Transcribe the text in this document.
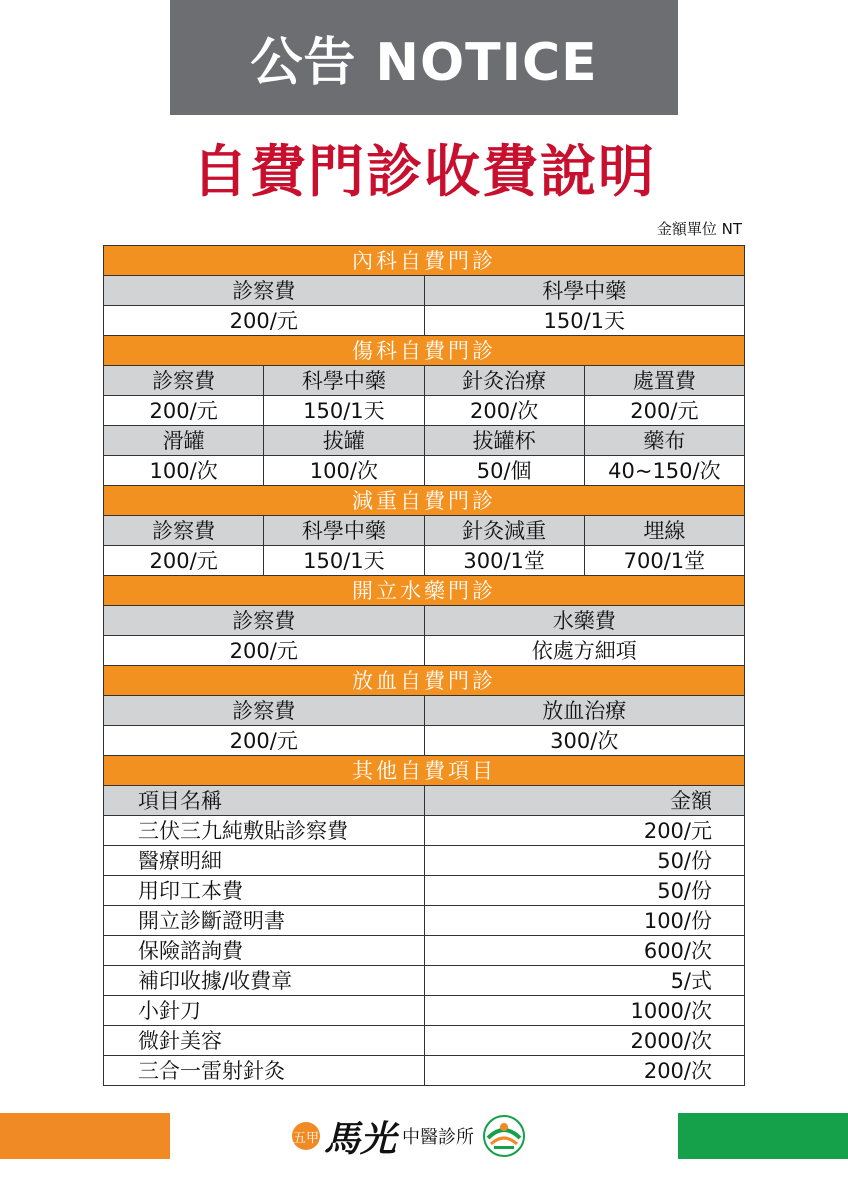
公告 NOTICE
自費門診收費說明
金額單位 NT
內科自費門診			
診察費		科學中藥	
200/元		150/1天	
傷科自費門診			
診察費	科學中藥	針灸治療	處置費
200/元	150/1天	200/次	200/元
滑罐	拔罐	拔罐杯	藥布
100/次	100/次	50/個	40~150/次
減重自費門診			
診察費	科學中藥	針灸減重	埋線
200/元	150/1天	300/1堂	700/1堂
開立水藥門診			
診察費		水藥費	
200/元		依處方細項	
放血自費門診			
診察費		放血治療	
200/元		300/次	
其他自費項目			
項目名稱		金額	
三伏三九純敷貼診察費		200/元	
醫療明細		50/份	
用印工本費		50/份	
開立診斷證明書		100/份	
保險諮詢費		600/次	
補印收據/收費章		5/式	
小針刀		1000/次	
微針美容		2000/次	
三合一雷射針灸		200/次	
五甲 馬光 中醫診所
